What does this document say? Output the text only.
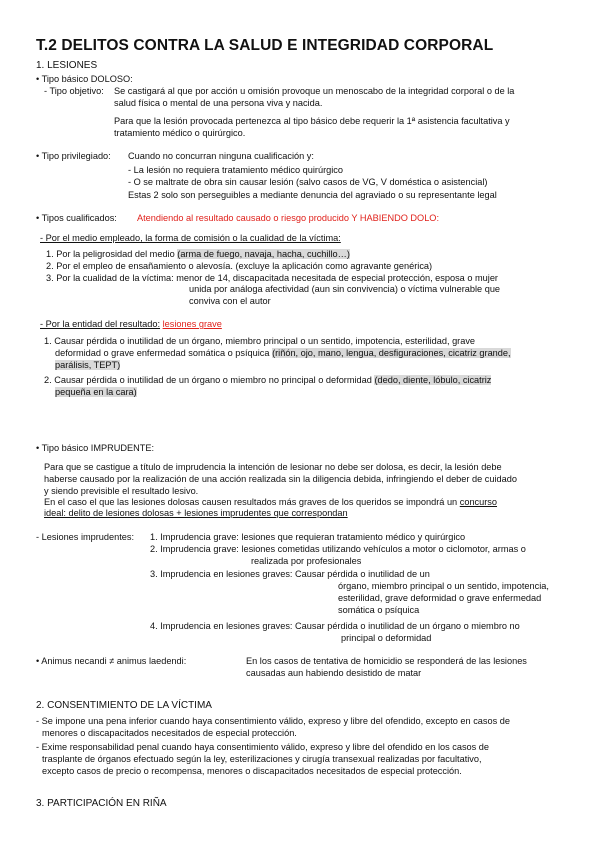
T.2 DELITOS CONTRA LA SALUD E INTEGRIDAD CORPORAL
1. LESIONES
• Tipo básico DOLOSO:
- Tipo objetivo: Se castigará al que por acción u omisión provoque un menoscabo de la integridad corporal o de la
salud física o mental de una persona viva y nacida.
Para que la lesión provocada pertenezca al tipo básico debe requerir la 1ª asistencia facultativa y
tratamiento médico o quirúrgico.
• Tipo privilegiado: Cuando no concurran ninguna cualificación y:
- La lesión no requiera tratamiento médico quirúrgico
- O se maltrate de obra sin causar lesión (salvo casos de VG, V doméstica o asistencial)
Estas 2 solo son perseguibles a mediante denuncia del agraviado o su representante legal
• Tipos cualificados: Atendiendo al resultado causado o riesgo producido Y HABIENDO DOLO:
- Por el medio empleado, la forma de comisión o la cualidad de la víctima:
1. Por la peligrosidad del medio (arma de fuego, navaja, hacha, cuchillo…)
2. Por el empleo de ensañamiento o alevosía. (excluye la aplicación como agravante genérica)
3. Por la cualidad de la víctima: menor de 14, discapacitada necesitada de especial protección, esposa o mujer
unida por análoga afectividad (aun sin convivencia) o víctima vulnerable que
conviva con el autor
- Por la entidad del resultado: lesiones grave
1. Causar pérdida o inutilidad de un órgano, miembro principal o un sentido, impotencia, esterilidad, grave
deformidad o grave enfermedad somática o psíquica (riñón, ojo, mano, lengua, desfiguraciones, cicatriz grande,
parálisis, TEPT)
2. Causar pérdida o inutilidad de un órgano o miembro no principal o deformidad (dedo, diente, lóbulo, cicatriz
pequeña en la cara)
• Tipo básico IMPRUDENTE:
Para que se castigue a título de imprudencia la intención de lesionar no debe ser dolosa, es decir, la lesión debe
haberse causado por la realización de una acción realizada sin la diligencia debida, infringiendo el deber de cuidado
y siendo previsible el resultado lesivo.
En el caso el que las lesiones dolosas causen resultados más graves de los queridos se impondrá un concurso
ideal: delito de lesiones dolosas + lesiones imprudentes que correspondan
- Lesiones imprudentes: 1. Imprudencia grave: lesiones que requieran tratamiento médico y quirúrgico
2. Imprudencia grave: lesiones cometidas utilizando vehículos a motor o ciclomotor, armas o
realizada por profesionales
3. Imprudencia en lesiones graves: Causar pérdida o inutilidad de un
órgano, miembro principal o un sentido, impotencia,
esterilidad, grave deformidad o grave enfermedad
somática o psíquica
4. Imprudencia en lesiones graves: Causar pérdida o inutilidad de un órgano o miembro no
principal o deformidad
• Animus necandi ≠ animus laedendi:	En los casos de tentativa de homicidio se responderá de las lesiones
causadas aun habiendo desistido de matar
2. CONSENTIMIENTO DE LA VÍCTIMA
- Se impone una pena inferior cuando haya consentimiento válido, expreso y libre del ofendido, excepto en casos de
menores o discapacitados necesitados de especial protección.
- Exime responsabilidad penal cuando haya consentimiento válido, expreso y libre del ofendido en los casos de
trasplante de órganos efectuado según la ley, esterilizaciones y cirugía transexual realizadas por facultativo,
excepto casos de precio o recompensa, menores o discapacitados necesitados de especial protección.
3. PARTICIPACIÓN EN RIÑA
